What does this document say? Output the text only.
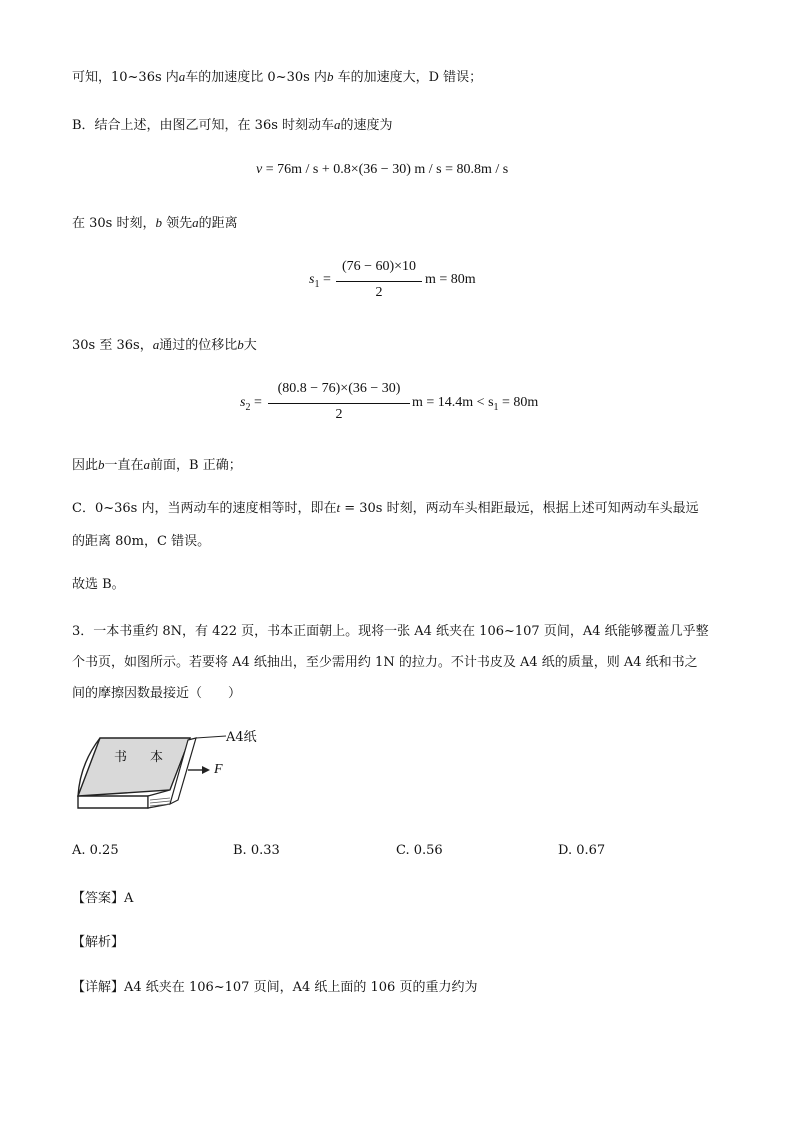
可知，10~36s 内a车的加速度比 0~30s 内b 车的加速度大，D 错误；
B．结合上述，由图乙可知，在 36s 时刻动车a的速度为
v = 76m / s + 0.8×(36 − 30) m / s = 80.8m / s
在 30s 时刻，b 领先a的距离
$s_1$ =
(76 − 60)×10
2
m = 80m
30s 至 36s，a通过的位移比b大
$s_2$ =
(80.8 − 76)×(36 − 30)
2
$m = 14.4m < s_1 = 80m$
因此b一直在a前面，B 正确；
C．0~36s 内，当两动车的速度相等时，即在t = 30s 时刻，两动车头相距最远，根据上述可知两动车头最远
的距离 80m，C 错误。
故选 B。
3．一本书重约 8N，有 422 页，书本正面朝上。现将一张 A4 纸夹在 106~107 页间，A4 纸能够覆盖几乎整
个书页，如图所示。若要将 A4 纸抽出，至少需用约 1N 的拉力。不计书皮及 A4 纸的质量，则 A4 纸和书之
间的摩擦因数最接近（　　）
书 本
A4纸
F
A. 0.25	B. 0.33	C. 0.56	D. 0.67
【答案】A
【解析】
【详解】A4 纸夹在 106~107 页间，A4 纸上面的 106 页的重力约为
